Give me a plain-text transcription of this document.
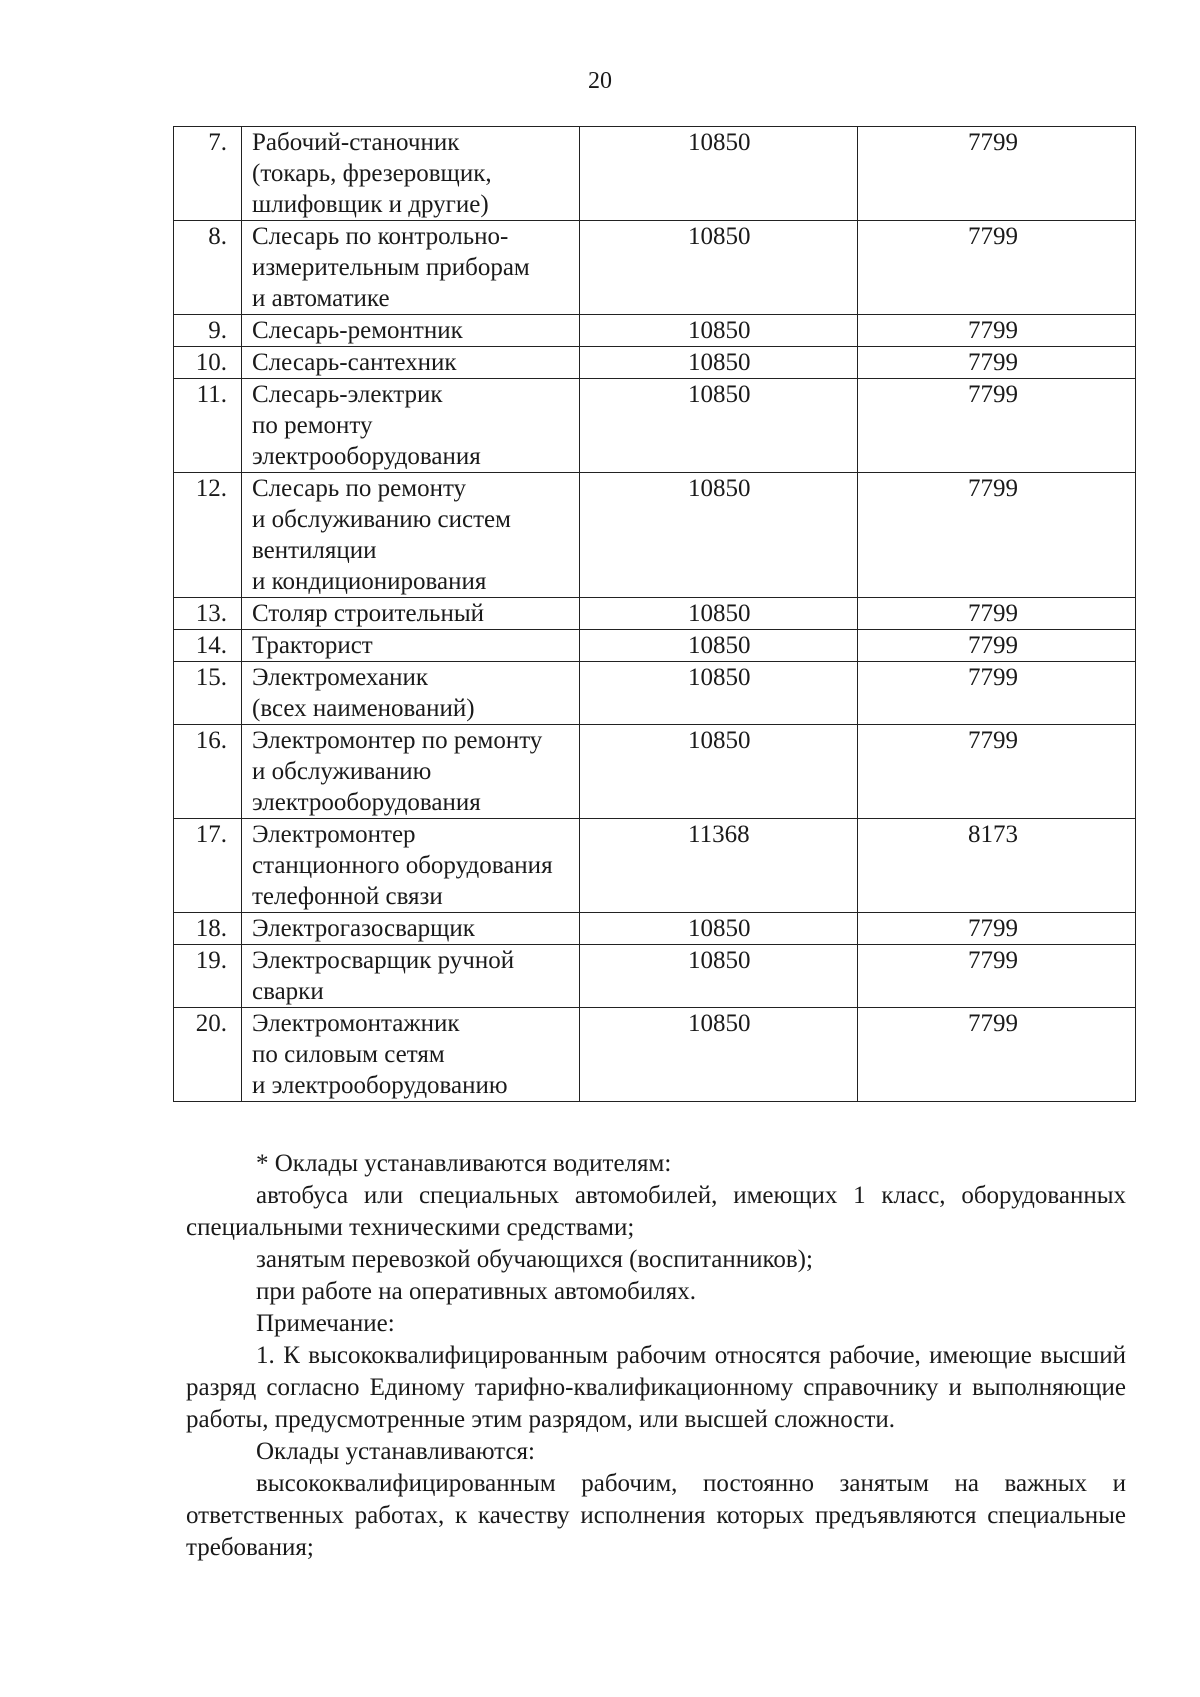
20
7.	Рабочий-станочник
(токарь, фрезеровщик,
шлифовщик и другие)	10850	7799
8.	Слесарь по контрольно-
измерительным приборам
и автоматике	10850	7799
9.	Слесарь-ремонтник	10850	7799
10.	Слесарь-сантехник	10850	7799
11.	Слесарь-электрик
по ремонту
электрооборудования	10850	7799
12.	Слесарь по ремонту
и обслуживанию систем
вентиляции
и кондиционирования	10850	7799
13.	Столяр строительный	10850	7799
14.	Тракторист	10850	7799
15.	Электромеханик
(всех наименований)	10850	7799
16.	Электромонтер по ремонту
и обслуживанию
электрооборудования	10850	7799
17.	Электромонтер
станционного оборудования
телефонной связи	11368	8173
18.	Электрогазосварщик	10850	7799
19.	Электросварщик ручной
сварки	10850	7799
20.	Электромонтажник
по силовым сетям
и электрооборудованию	10850	7799

* Оклады устанавливаются водителям:

автобуса или специальных автомобилей, имеющих 1 класс, оборудованных специальными техническими средствами;

занятым перевозкой обучающихся (воспитанников);

при работе на оперативных автомобилях.

Примечание:

1. К высококвалифицированным рабочим относятся рабочие, имеющие высший разряд согласно Единому тарифно-квалификационному справочнику и выполняющие работы, предусмотренные этим разрядом, или высшей сложности.

Оклады устанавливаются:

высококвалифицированным рабочим, постоянно занятым на важных и ответственных работах, к качеству исполнения которых предъявляются специальные требования;
